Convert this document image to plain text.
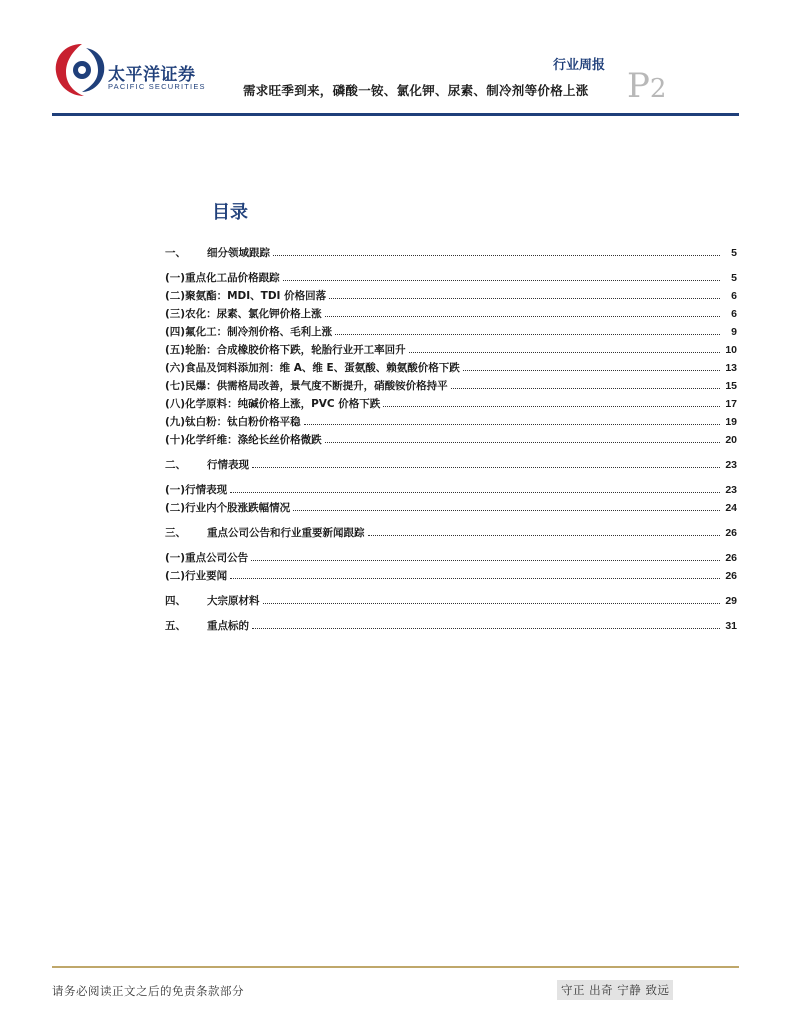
太平洋证券
PACIFIC SECURITIES
行业周报
P2
需求旺季到来，磷酸一铵、氯化钾、尿素、制冷剂等价格上涨
目录
一、	细分领域跟踪	5
(一) 重点化工品价格跟踪	5
(二) 聚氨酯：MDI、TDI 价格回落	6
(三) 农化：尿素、氯化钾价格上涨	6
(四) 氟化工：制冷剂价格、毛利上涨	9
(五) 轮胎：合成橡胶价格下跌，轮胎行业开工率回升	10
(六) 食品及饲料添加剂：维 A、维 E、蛋氨酸、赖氨酸价格下跌	13
(七) 民爆：供需格局改善，景气度不断提升，硝酸铵价格持平	15
(八) 化学原料：纯碱价格上涨，PVC 价格下跌	17
(九) 钛白粉：钛白粉价格平稳	19
(十) 化学纤维：涤纶长丝价格微跌	20
二、	行情表现	23
(一) 行情表现	23
(二) 行业内个股涨跌幅情况	24
三、	重点公司公告和行业重要新闻跟踪	26
(一) 重点公司公告	26
(二) 行业要闻	26
四、	大宗原材料	29
五、	重点标的	31
请务必阅读正文之后的免责条款部分	守正 出奇 宁静 致远
